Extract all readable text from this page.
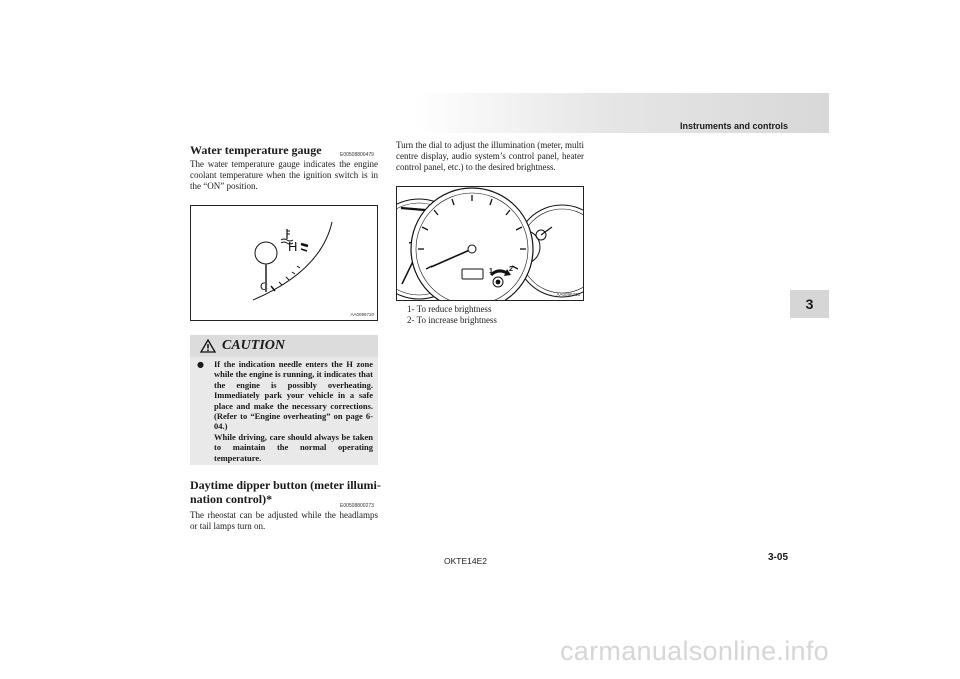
Instruments and controls
3
Water temperature gauge	E00508800479
The water temperature gauge indicates the engine coolant temperature when the ignition switch is in the “ON” position.
H
C
AA0096720
CAUTION
● If the indication needle enters the H zone while the engine is running, it indicates that the engine is possibly overheating. Immediately park your vehicle in a safe place and make the necessary corrections. (Refer to “Engine overheating” on page 6-04.)

While driving, care should always be taken to maintain the normal operating temperature.

Daytime dipper button (meter illumi-
nation control)*	E00508800273
The rheostat can be adjusted while the headlamps or tail lamps turn on.
Turn the dial to adjust the illumination (meter, multi centre display, audio system’s control panel, heater control panel, etc.) to the desired brightness.
1 2
AA0096733
1- To reduce brightness
2- To increase brightness
OKTE14E2	3-05
carmanualsonline.info
